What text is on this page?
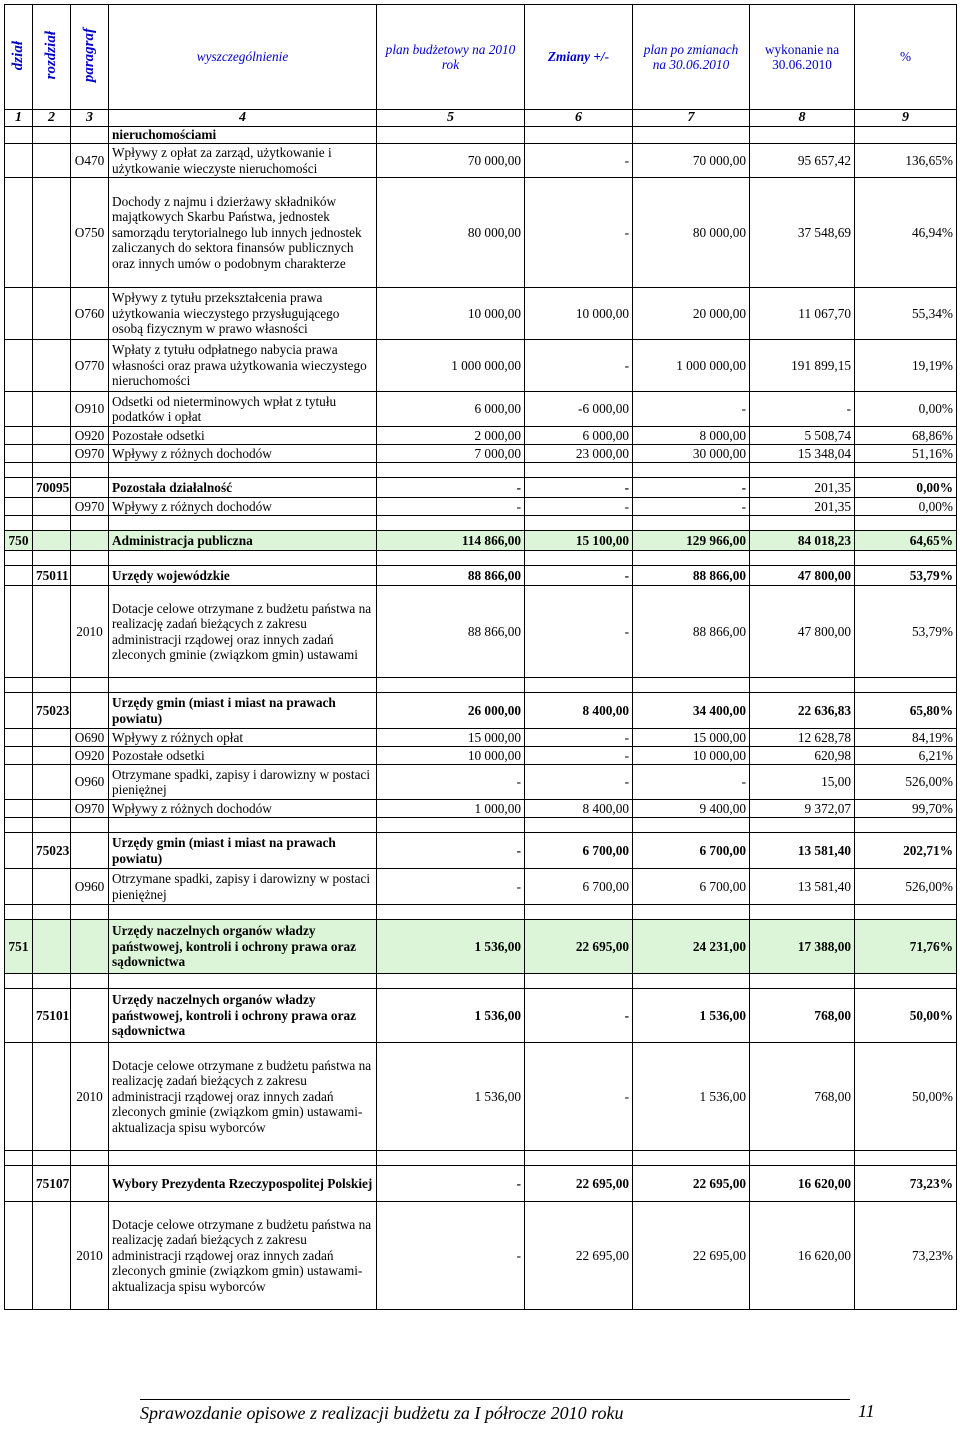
dział	rozdział	paragraf	wyszczególnienie	plan budżetowy na 2010 rok	Zmiany +/-	plan po zmianach na 30.06.2010	wykonanie na 30.06.2010	%
1	2	3	4	5	6	7	8	9
			nieruchomościami					
		O470	Wpływy z opłat za zarząd, użytkowanie i użytkowanie wieczyste nieruchomości	70 000,00	-	70 000,00	95 657,42	136,65%
		O750	Dochody z najmu i dzierżawy składników majątkowych Skarbu Państwa, jednostek samorządu terytorialnego lub innych jednostek zaliczanych do sektora finansów publicznych oraz innych umów o podobnym charakterze	80 000,00	-	80 000,00	37 548,69	46,94%
		O760	Wpływy z tytułu przekształcenia prawa użytkowania wieczystego przysługującego osobą fizycznym w prawo własności	10 000,00	10 000,00	20 000,00	11 067,70	55,34%
		O770	Wpłaty z tytułu odpłatnego nabycia prawa własności oraz prawa użytkowania wieczystego nieruchomości	1 000 000,00	-	1 000 000,00	191 899,15	19,19%
		O910	Odsetki od nieterminowych wpłat z tytułu podatków i opłat	6 000,00	-6 000,00	-	-	0,00%
		O920	Pozostałe odsetki	2 000,00	6 000,00	8 000,00	5 508,74	68,86%
		O970	Wpływy z różnych dochodów	7 000,00	23 000,00	30 000,00	15 348,04	51,16%

	70095		Pozostała działalność	-	-	-	201,35	0,00%
		O970	Wpływy z różnych dochodów	-	-	-	201,35	0,00%

750			Administracja publiczna	114 866,00	15 100,00	129 966,00	84 018,23	64,65%

	75011		Urzędy wojewódzkie	88 866,00	-	88 866,00	47 800,00	53,79%
		2010	Dotacje celowe otrzymane z budżetu państwa na realizację zadań bieżących z zakresu administracji rządowej oraz innych zadań zleconych gminie (związkom gmin) ustawami	88 866,00	-	88 866,00	47 800,00	53,79%

	75023		Urzędy gmin (miast i miast na prawach powiatu)	26 000,00	8 400,00	34 400,00	22 636,83	65,80%
		O690	Wpływy z różnych opłat	15 000,00	-	15 000,00	12 628,78	84,19%
		O920	Pozostałe odsetki	10 000,00	-	10 000,00	620,98	6,21%
		O960	Otrzymane spadki, zapisy i darowizny w postaci pieniężnej	-	-	-	15,00	526,00%
		O970	Wpływy z różnych dochodów	1 000,00	8 400,00	9 400,00	9 372,07	99,70%

	75023		Urzędy gmin (miast i miast na prawach powiatu)	-	6 700,00	6 700,00	13 581,40	202,71%
		O960	Otrzymane spadki, zapisy i darowizny w postaci pieniężnej	-	6 700,00	6 700,00	13 581,40	526,00%

751			Urzędy naczelnych organów władzy państwowej, kontroli i ochrony prawa oraz sądownictwa	1 536,00	22 695,00	24 231,00	17 388,00	71,76%

	75101		Urzędy naczelnych organów władzy państwowej, kontroli i ochrony prawa oraz sądownictwa	1 536,00	-	1 536,00	768,00	50,00%
		2010	Dotacje celowe otrzymane z budżetu państwa na realizację zadań bieżących z zakresu administracji rządowej oraz innych zadań zleconych gminie (związkom gmin) ustawami-aktualizacja spisu wyborców	1 536,00	-	1 536,00	768,00	50,00%

	75107		Wybory Prezydenta Rzeczypospolitej Polskiej	-	22 695,00	22 695,00	16 620,00	73,23%
		2010	Dotacje celowe otrzymane z budżetu państwa na realizację zadań bieżących z zakresu administracji rządowej oraz innych zadań zleconych gminie (związkom gmin) ustawami-aktualizacja spisu wyborców	-	22 695,00	22 695,00	16 620,00	73,23%
Sprawozdanie opisowe z realizacji budżetu za I półrocze 2010 roku	11
